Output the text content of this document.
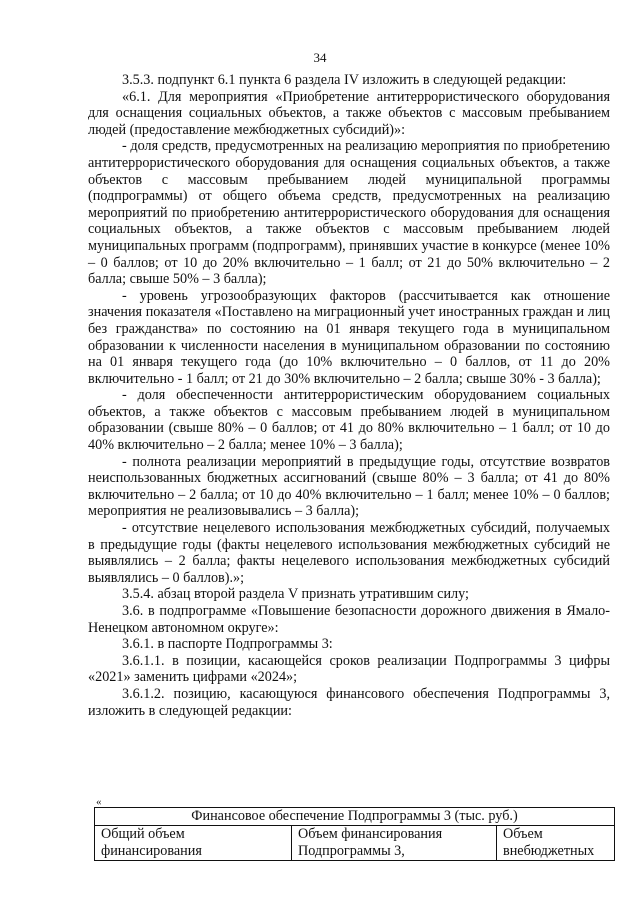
34

3.5.3. подпункт 6.1 пункта 6 раздела IV изложить в следующей редакции:

«6.1. Для мероприятия «Приобретение антитеррористического оборудования для оснащения социальных объектов, а также объектов с массовым пребыванием людей (предоставление межбюджетных субсидий)»:

- доля средств, предусмотренных на реализацию мероприятия по приобретению антитеррористического оборудования для оснащения социальных объектов, а также объектов с массовым пребыванием людей муниципальной программы (подпрограммы) от общего объема средств, предусмотренных на реализацию мероприятий по приобретению антитеррористического оборудования для оснащения социальных объектов, а также объектов с массовым пребыванием людей муниципальных программ (подпрограмм), принявших участие в конкурсе (менее 10% – 0 баллов; от 10 до 20% включительно – 1 балл; от 21 до 50% включительно – 2 балла; свыше 50% – 3 балла);

- уровень угрозообразующих факторов (рассчитывается как отношение значения показателя «Поставлено на миграционный учет иностранных граждан и лиц без гражданства» по состоянию на 01 января текущего года в муниципальном образовании к численности населения в муниципальном образовании по состоянию на 01 января текущего года (до 10% включительно – 0 баллов, от 11 до 20% включительно - 1 балл; от 21 до 30% включительно – 2 балла; свыше 30% - 3 балла);

- доля обеспеченности антитеррористическим оборудованием социальных объектов, а также объектов с массовым пребыванием людей в муниципальном образовании (свыше 80% – 0 баллов; от 41 до 80% включительно – 1 балл; от 10 до 40% включительно – 2 балла; менее 10% – 3 балла);

- полнота реализации мероприятий в предыдущие годы, отсутствие возвратов неиспользованных бюджетных ассигнований (свыше 80% – 3 балла; от 41 до 80% включительно – 2 балла; от 10 до 40% включительно – 1 балл; менее 10% – 0 баллов; мероприятия не реализовывались – 3 балла);

- отсутствие нецелевого использования межбюджетных субсидий, получаемых в предыдущие годы (факты нецелевого использования межбюджетных субсидий не выявлялись – 2 балла; факты нецелевого использования межбюджетных субсидий выявлялись – 0 баллов).»;

3.5.4. абзац второй раздела V признать утратившим силу;

3.6. в подпрограмме «Повышение безопасности дорожного движения в Ямало-Ненецком автономном округе»:

3.6.1. в паспорте Подпрограммы 3:

3.6.1.1. в позиции, касающейся сроков реализации Подпрограммы 3 цифры «2021» заменить цифрами «2024»;

3.6.1.2. позицию, касающуюся финансового обеспечения Подпрограммы 3, изложить в следующей редакции:

«
Финансовое обеспечение Подпрограммы 3 (тыс. руб.)
Общий объем финансирования	Объем финансирования Подпрограммы 3,	Объем внебюджетных
